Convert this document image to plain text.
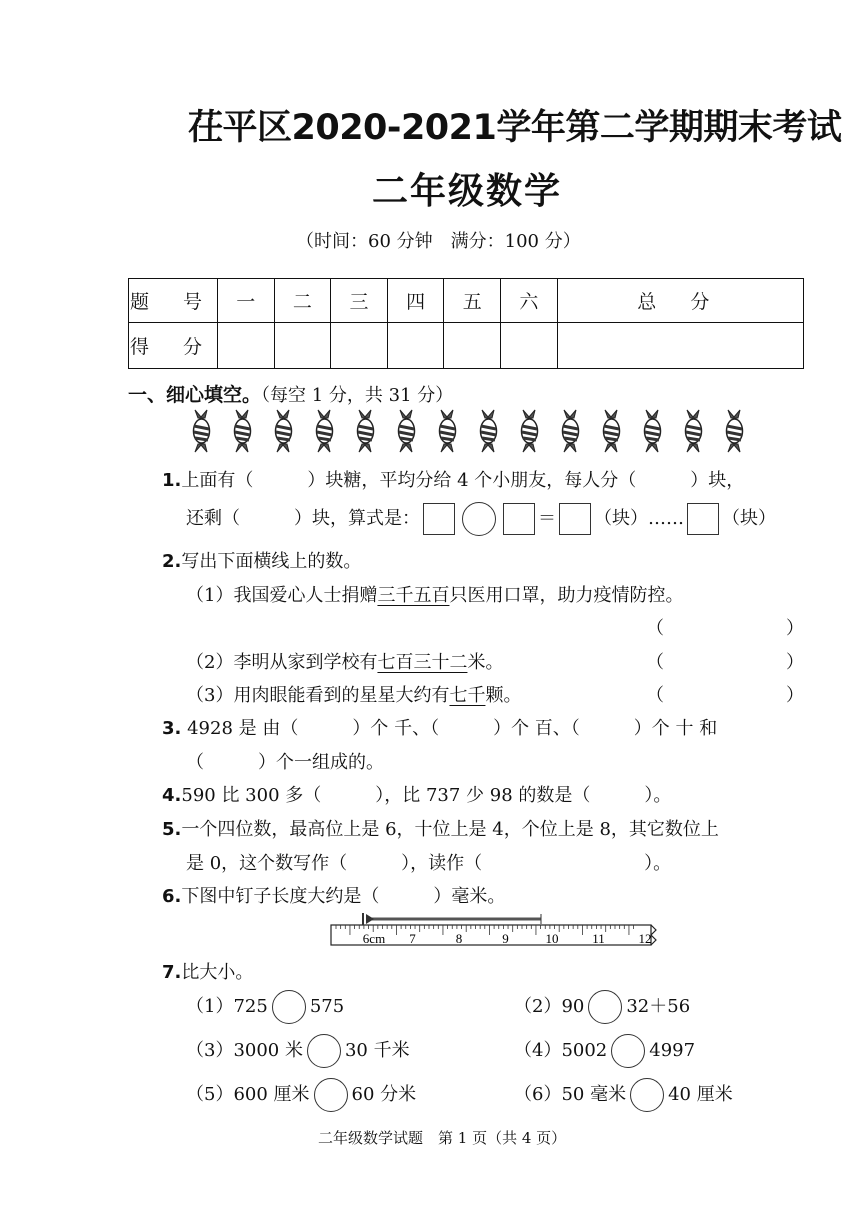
茌平区2020-2021学年第二学期期末考试
二年级数学
（时间：60 分钟　满分：100 分）
题 号	一	二	三	四	五	六	总 分
得 分							
一、细心填空。（每空 1 分，共 31 分）
1.上面有（　　　）块糖，平均分给 4 个小朋友，每人分（　　　）块，
还剩（　　　）块，算式是：	＝ （块）…… （块）
2.写出下面横线上的数。
（1）我国爱心人士捐赠三千五百只医用口罩，助力疫情防控。
（	）
（2）李明从家到学校有七百三十二米。	（	）
（3）用肉眼能看到的星星大约有七千颗。	（	）
3. 4928 是 由（　　　）个 千、（　　　）个 百、（　　　）个 十 和
（　　　）个一组成的。
4.590 比 300 多（　　　），比 737 少 98 的数是（　　　）。
5.一个四位数，最高位上是 6，十位上是 4，个位上是 8，其它数位上
是 0，这个数写作（　　　），读作（　　　　　　　　　）。
6.下图中钉子长度大约是（　　　）毫米。
6cm 7	8	9	10	11	12
7.比大小。
（1）725 575	（2）90 32＋56
（3）3000 米 30 千米	（4）5002 4997
（5）600 厘米 60 分米	（6）50 毫米 40 厘米
二年级数学试题　第 1 页（共 4 页）
